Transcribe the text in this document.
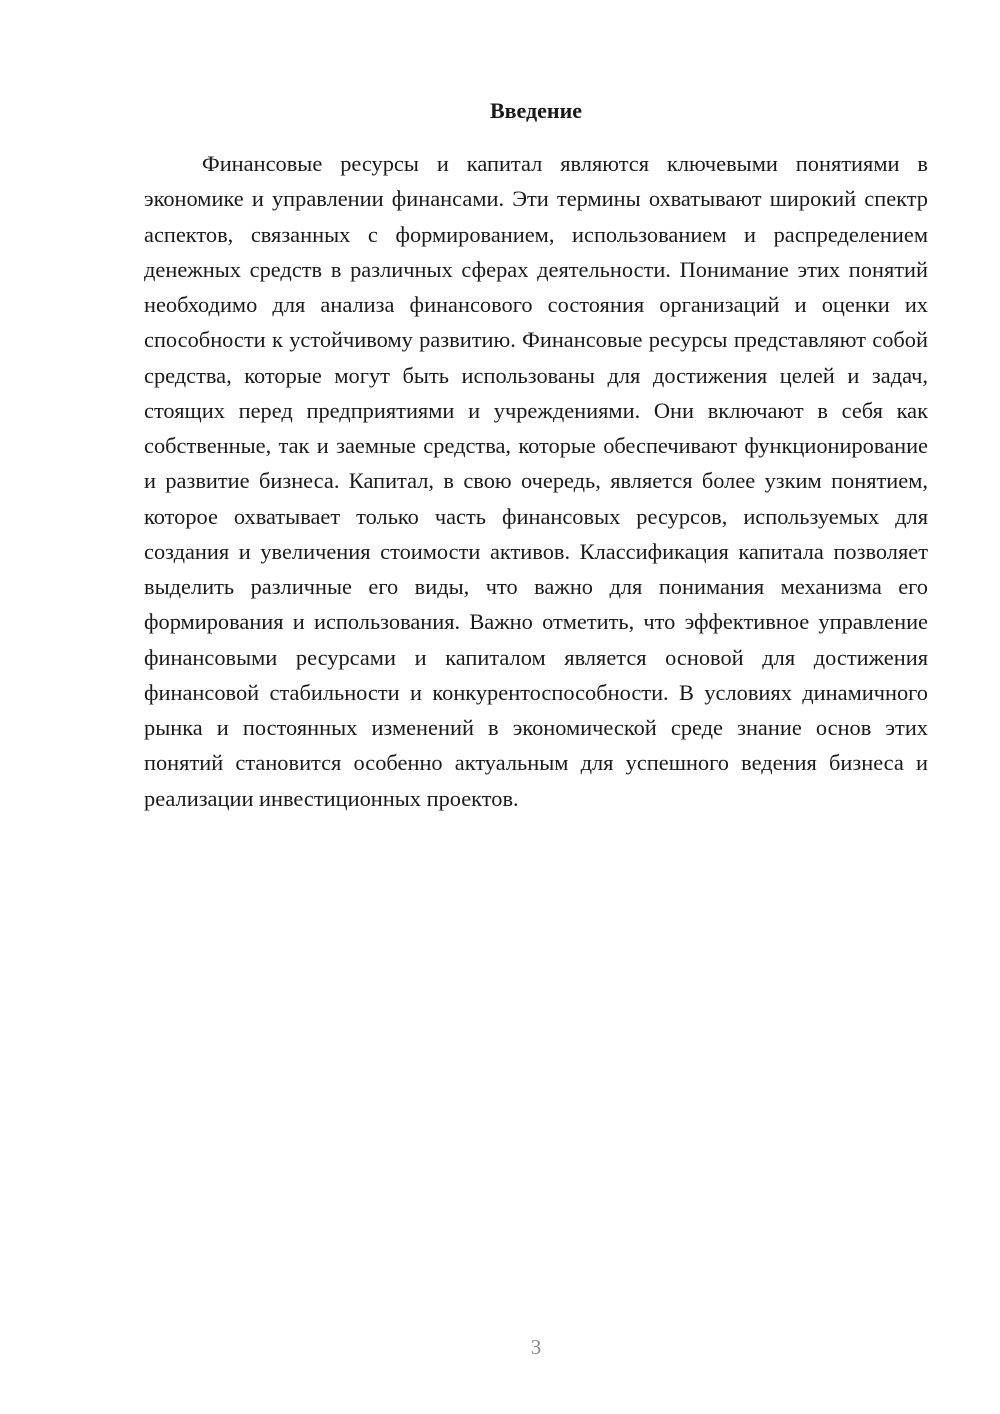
Введение

Финансовые ресурсы и капитал являются ключевыми понятиями в экономике и управлении финансами. Эти термины охватывают широкий спектр аспектов, связанных с формированием, использованием и распределением денежных средств в различных сферах деятельности. Понимание этих понятий необходимо для анализа финансового состояния организаций и оценки их способности к устойчивому развитию. Финансовые ресурсы представляют собой средства, которые могут быть использованы для достижения целей и задач, стоящих перед предприятиями и учреждениями. Они включают в себя как собственные, так и заемные средства, которые обеспечивают функционирование и развитие бизнеса. Капитал, в свою очередь, является более узким понятием, которое охватывает только часть финансовых ресурсов, используемых для создания и увеличения стоимости активов. Классификация капитала позволяет выделить различные его виды, что важно для понимания механизма его формирования и использования. Важно отметить, что эффективное управление финансовыми ресурсами и капиталом является основой для достижения финансовой стабильности и конкурентоспособности. В условиях динамичного рынка и постоянных изменений в экономической среде знание основ этих понятий становится особенно актуальным для успешного ведения бизнеса и реализации инвестиционных проектов.

3
